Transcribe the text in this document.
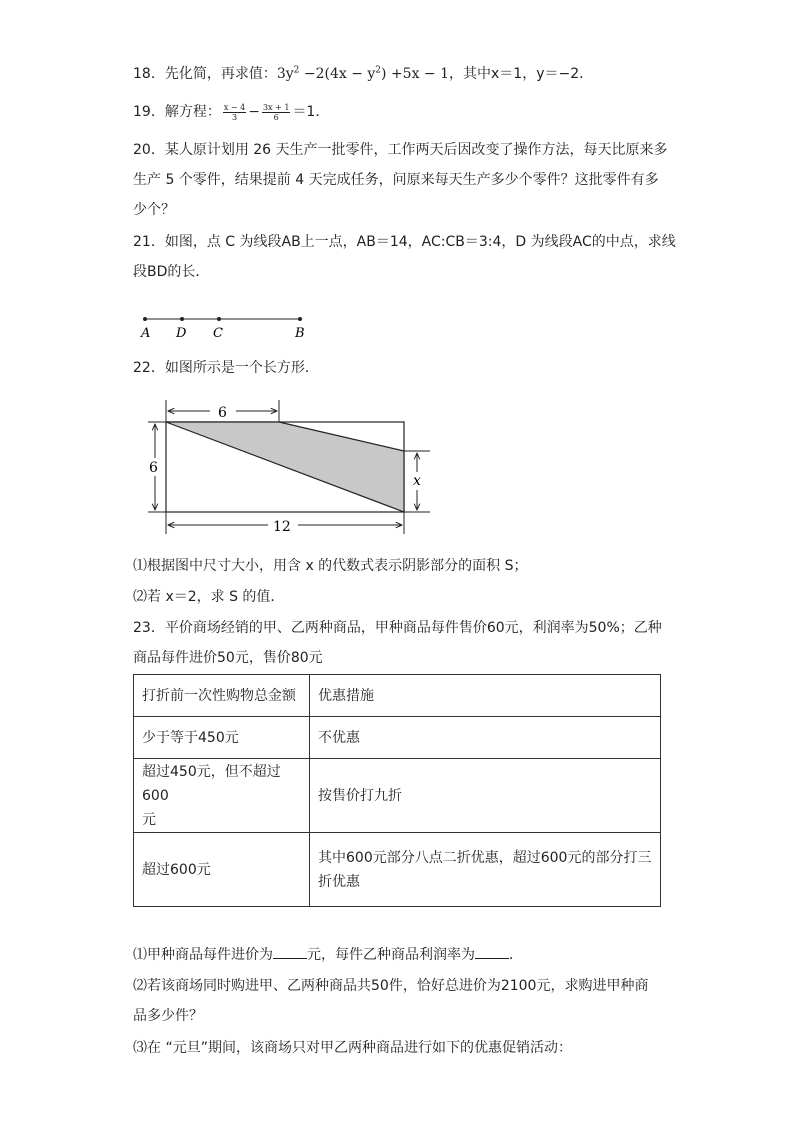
18．先化简，再求值：$3y^2 -2(4x - y^2) +5x - 1$，其中x＝1，y＝−2．
19．解方程： $\frac{x - 4}{3} - \frac{3x + 1}{6} =1$．
20．某人原计划用 26 天生产一批零件，工作两天后因改变了操作方法，每天比原来多
生产 5 个零件，结果提前 4 天完成任务，问原来每天生产多少个零件？这批零件有多
少个？
21．如图，点 C 为线段AB上一点，AB＝14，AC:CB＝3:4，D 为线段AC的中点，求线
段BD的长．
A D C	B
22．如图所示是一个长方形．
6
6
x
12
⑴根据图中尺寸大小，用含 x 的代数式表示阴影部分的面积 S；
⑵若 x＝2，求 S 的值．
23．平价商场经销的甲、乙两种商品，甲种商品每件售价60元，利润率为50%；乙种
商品每件进价50元，售价80元
打折前一次性购物总金额	优惠措施
少于等于450元	不优惠
超过450元，但不超过600
元	按售价打九折
超过600元	其中600元部分八点二折优惠，超过600元的部分打三
折优惠
⑴甲种商品每件进价为 元，每件乙种商品利润率为 ．
⑵若该商场同时购进甲、乙两种商品共50件，恰好总进价为2100元，求购进甲种商
品多少件？
⑶在 “元旦”期间，该商场只对甲乙两种商品进行如下的优惠促销活动：
